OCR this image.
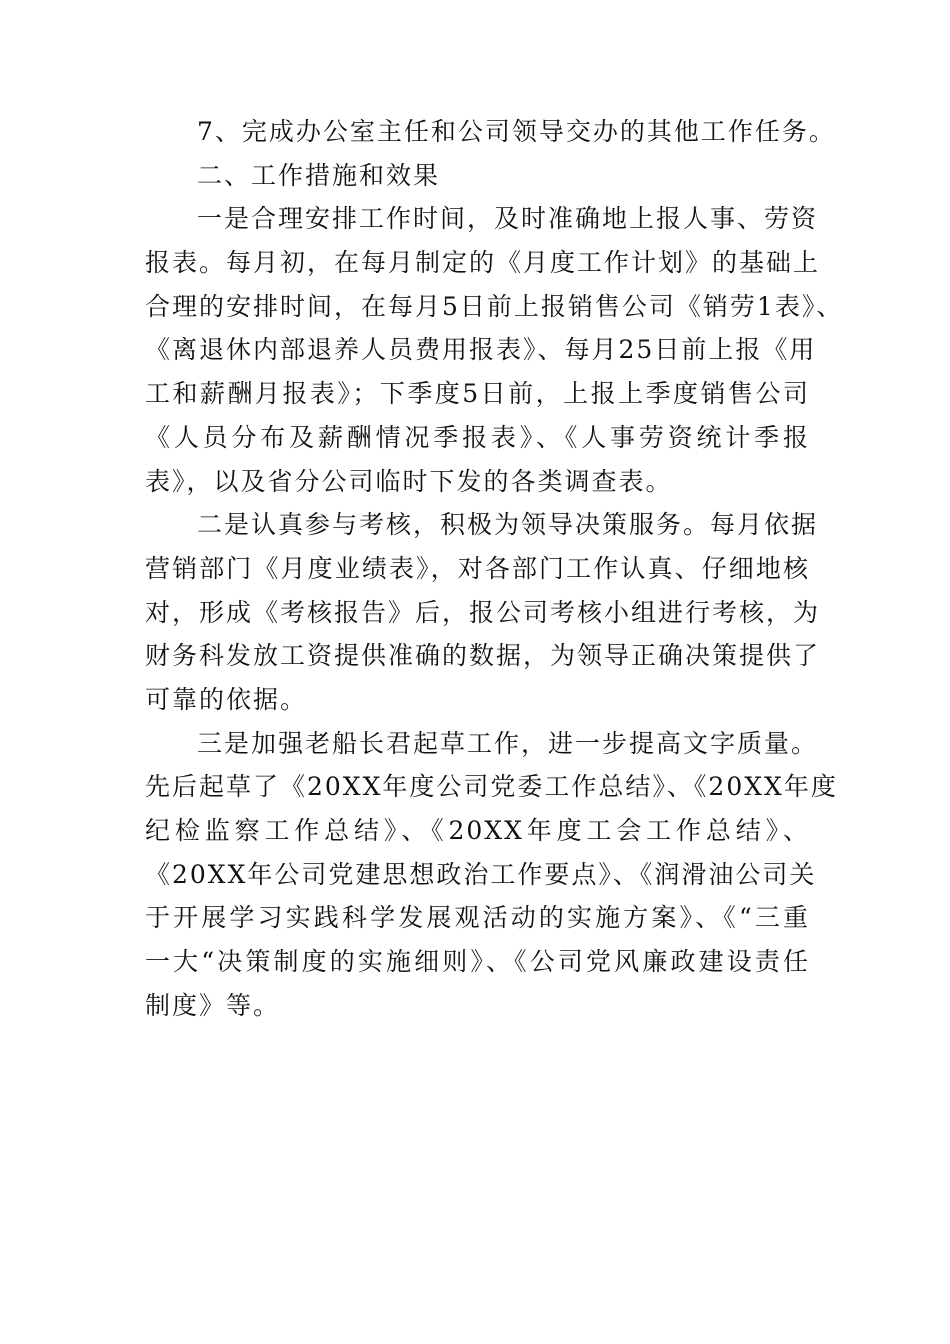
7、完成办公室主任和公司领导交办的其他工作任务。
二、工作措施和效果
一是合理安排工作时间，及时准确地上报人事、劳资
报表。每月初，在每月制定的《月度工作计划》的基础上
合理的安排时间，在每月5日前上报销售公司《销劳1表》、
《离退休内部退养人员费用报表》、每月25日前上报《用
工和薪酬月报表》；下季度5日前，上报上季度销售公司
《人员分布及薪酬情况季报表》、《人事劳资统计季报
表》，以及省分公司临时下发的各类调查表。
二是认真参与考核，积极为领导决策服务。每月依据
营销部门《月度业绩表》，对各部门工作认真、仔细地核
对，形成《考核报告》后，报公司考核小组进行考核，为
财务科发放工资提供准确的数据，为领导正确决策提供了
可靠的依据。
三是加强老船长君起草工作，进一步提高文字质量。
先后起草了《20XX年度公司党委工作总结》、《20XX年度
纪检监察工作总结》、《20XX年度工会工作总结》、
《20XX年公司党建思想政治工作要点》、《润滑油公司关
于开展学习实践科学发展观活动的实施方案》、《“三重
一大“决策制度的实施细则》、《公司党风廉政建设责任
制度》等。
